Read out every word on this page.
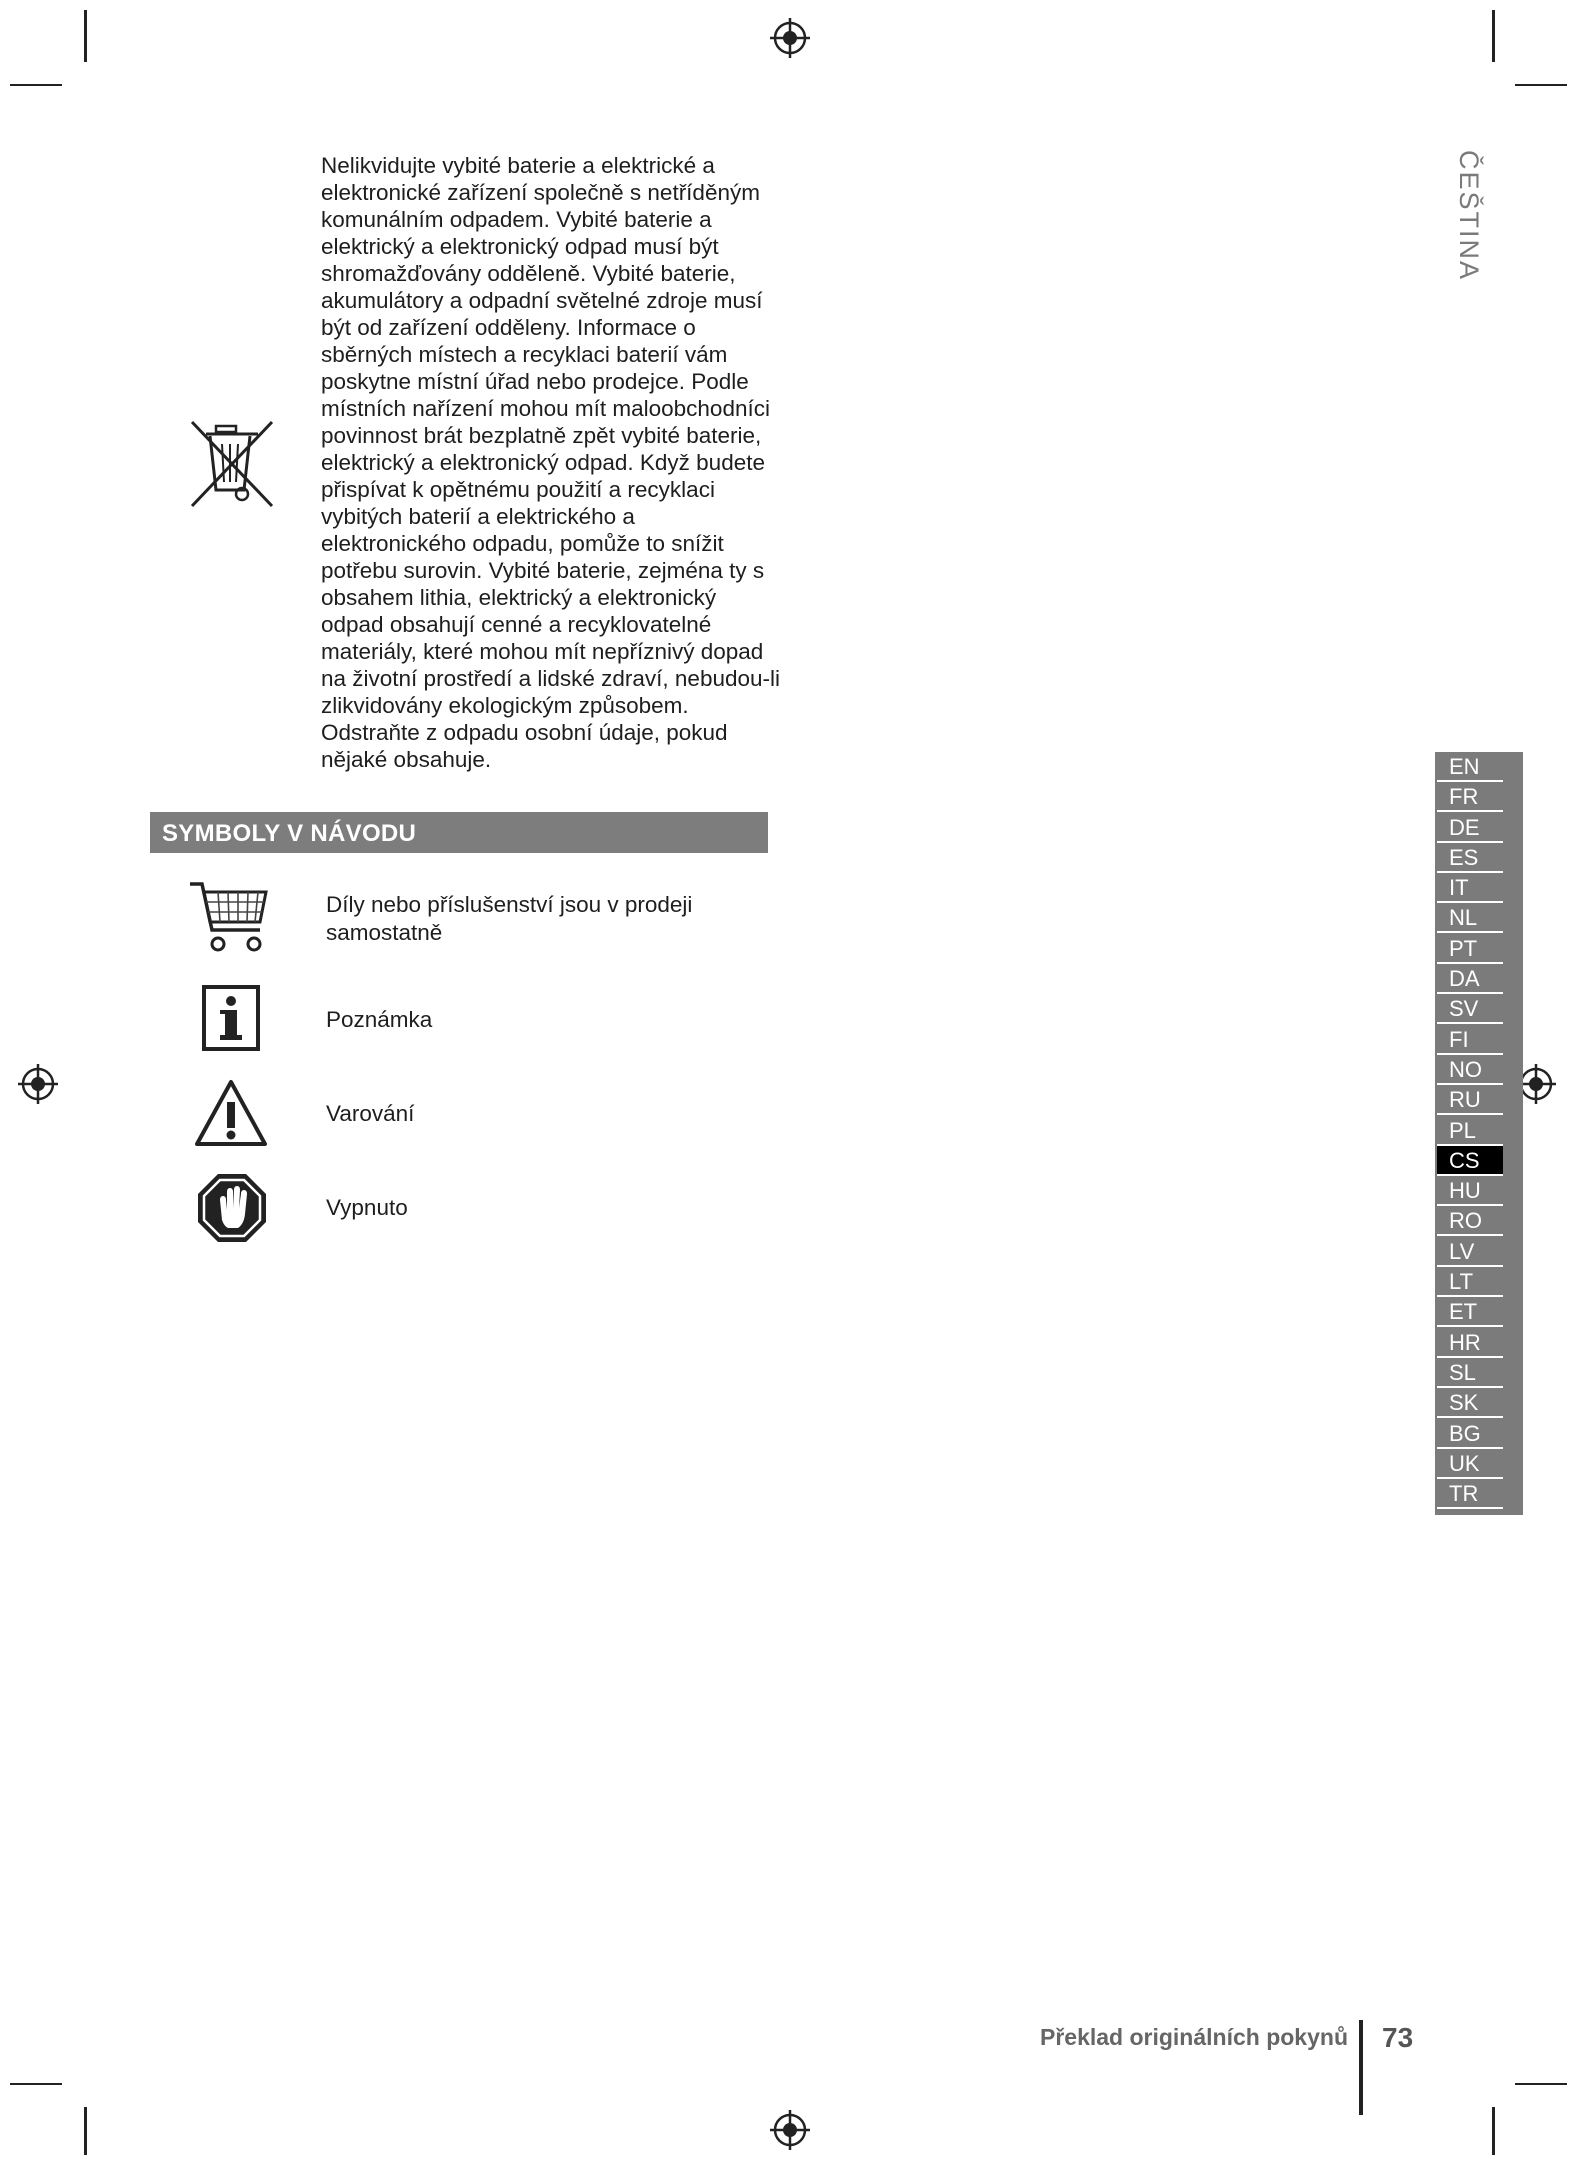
ČEŠTINA

Nelikvidujte vybité baterie a elektrické a elektronické zařízení společně s netříděným komunálním odpadem. Vybité baterie a elektrický a elektronický odpad musí být shromažďovány odděleně. Vybité baterie, akumulátory a odpadní světelné zdroje musí být od zařízení odděleny. Informace o sběrných místech a recyklaci baterií vám poskytne místní úřad nebo prodejce. Podle místních nařízení mohou mít maloobchodníci povinnost brát bezplatně zpět vybité baterie, elektrický a elektronický odpad. Když budete přispívat k opětnému použití a recyklaci vybitých baterií a elektrického a elektronického odpadu, pomůže to snížit potřebu surovin. Vybité baterie, zejména ty s obsahem lithia, elektrický a elektronický odpad obsahují cenné a recyklovatelné materiály, které mohou mít nepříznivý dopad na životní prostředí a lidské zdraví, nebudou-li zlikvidovány ekologickým způsobem. Odstraňte z odpadu osobní údaje, pokud nějaké obsahuje.

SYMBOLY V NÁVODU
Díly nebo příslušenství jsou v prodeji samostatně
Poznámka
Varování
Vypnuto
EN
FR
DE
ES
IT
NL
PT
DA
SV
FI
NO
RU
PL
CS
HU
RO
LV
LT
ET
HR
SL
SK
BG
UK
TR
Překlad originálních pokynů 73
